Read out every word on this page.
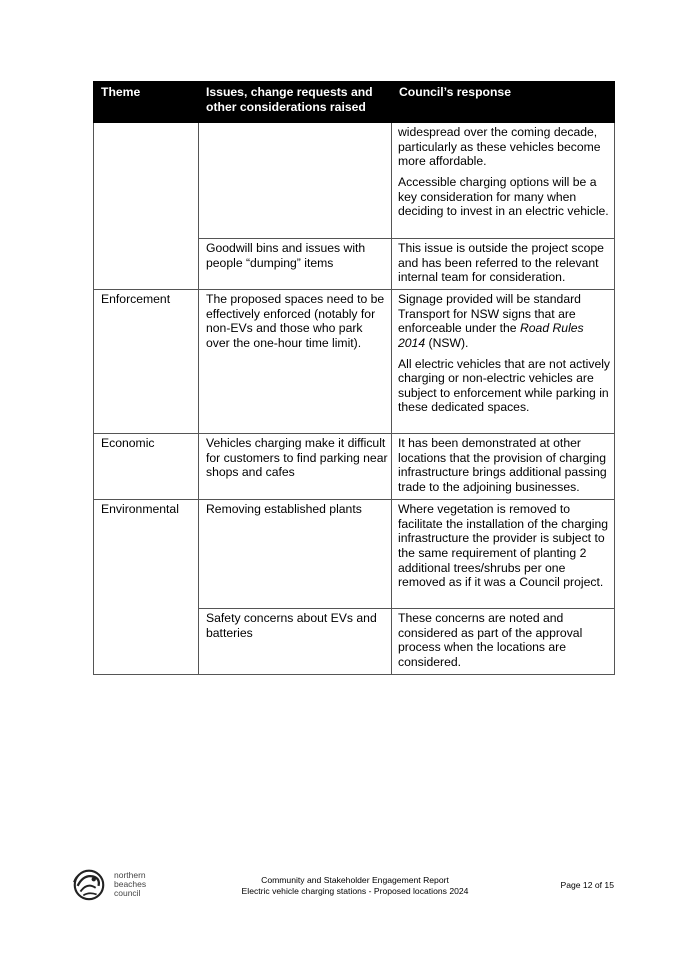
Theme	Issues, change requests and other considerations raised	Council’s response

		widespread over the coming decade, particularly as these vehicles become more affordable.

Accessible charging options will be a key consideration for many when deciding to invest in an electric vehicle.

	Goodwill bins and issues with people “dumping” items	This issue is outside the project scope and has been referred to the relevant internal team for consideration.

Enforcement	The proposed spaces need to be effectively enforced (notably for non-EVs and those who park over the one-hour time limit).	Signage provided will be standard Transport for NSW signs that are enforceable under the Road Rules 2014 (NSW).

All electric vehicles that are not actively charging or non-electric vehicles are subject to enforcement while parking in these dedicated spaces.

Economic	Vehicles charging make it difficult for customers to find parking near shops and cafes	It has been demonstrated at other locations that the provision of charging infrastructure brings additional passing trade to the adjoining businesses.

Environmental	Removing established plants	Where vegetation is removed to facilitate the installation of the charging infrastructure the provider is subject to the same requirement of planting 2 additional trees/shrubs per one removed as if it was a Council project.

	Safety concerns about EVs and batteries	These concerns are noted and considered as part of the approval process when the locations are considered.

northern
beaches
council
Community and Stakeholder Engagement Report
Electric vehicle charging stations - Proposed locations 2024
Page 12 of 15
